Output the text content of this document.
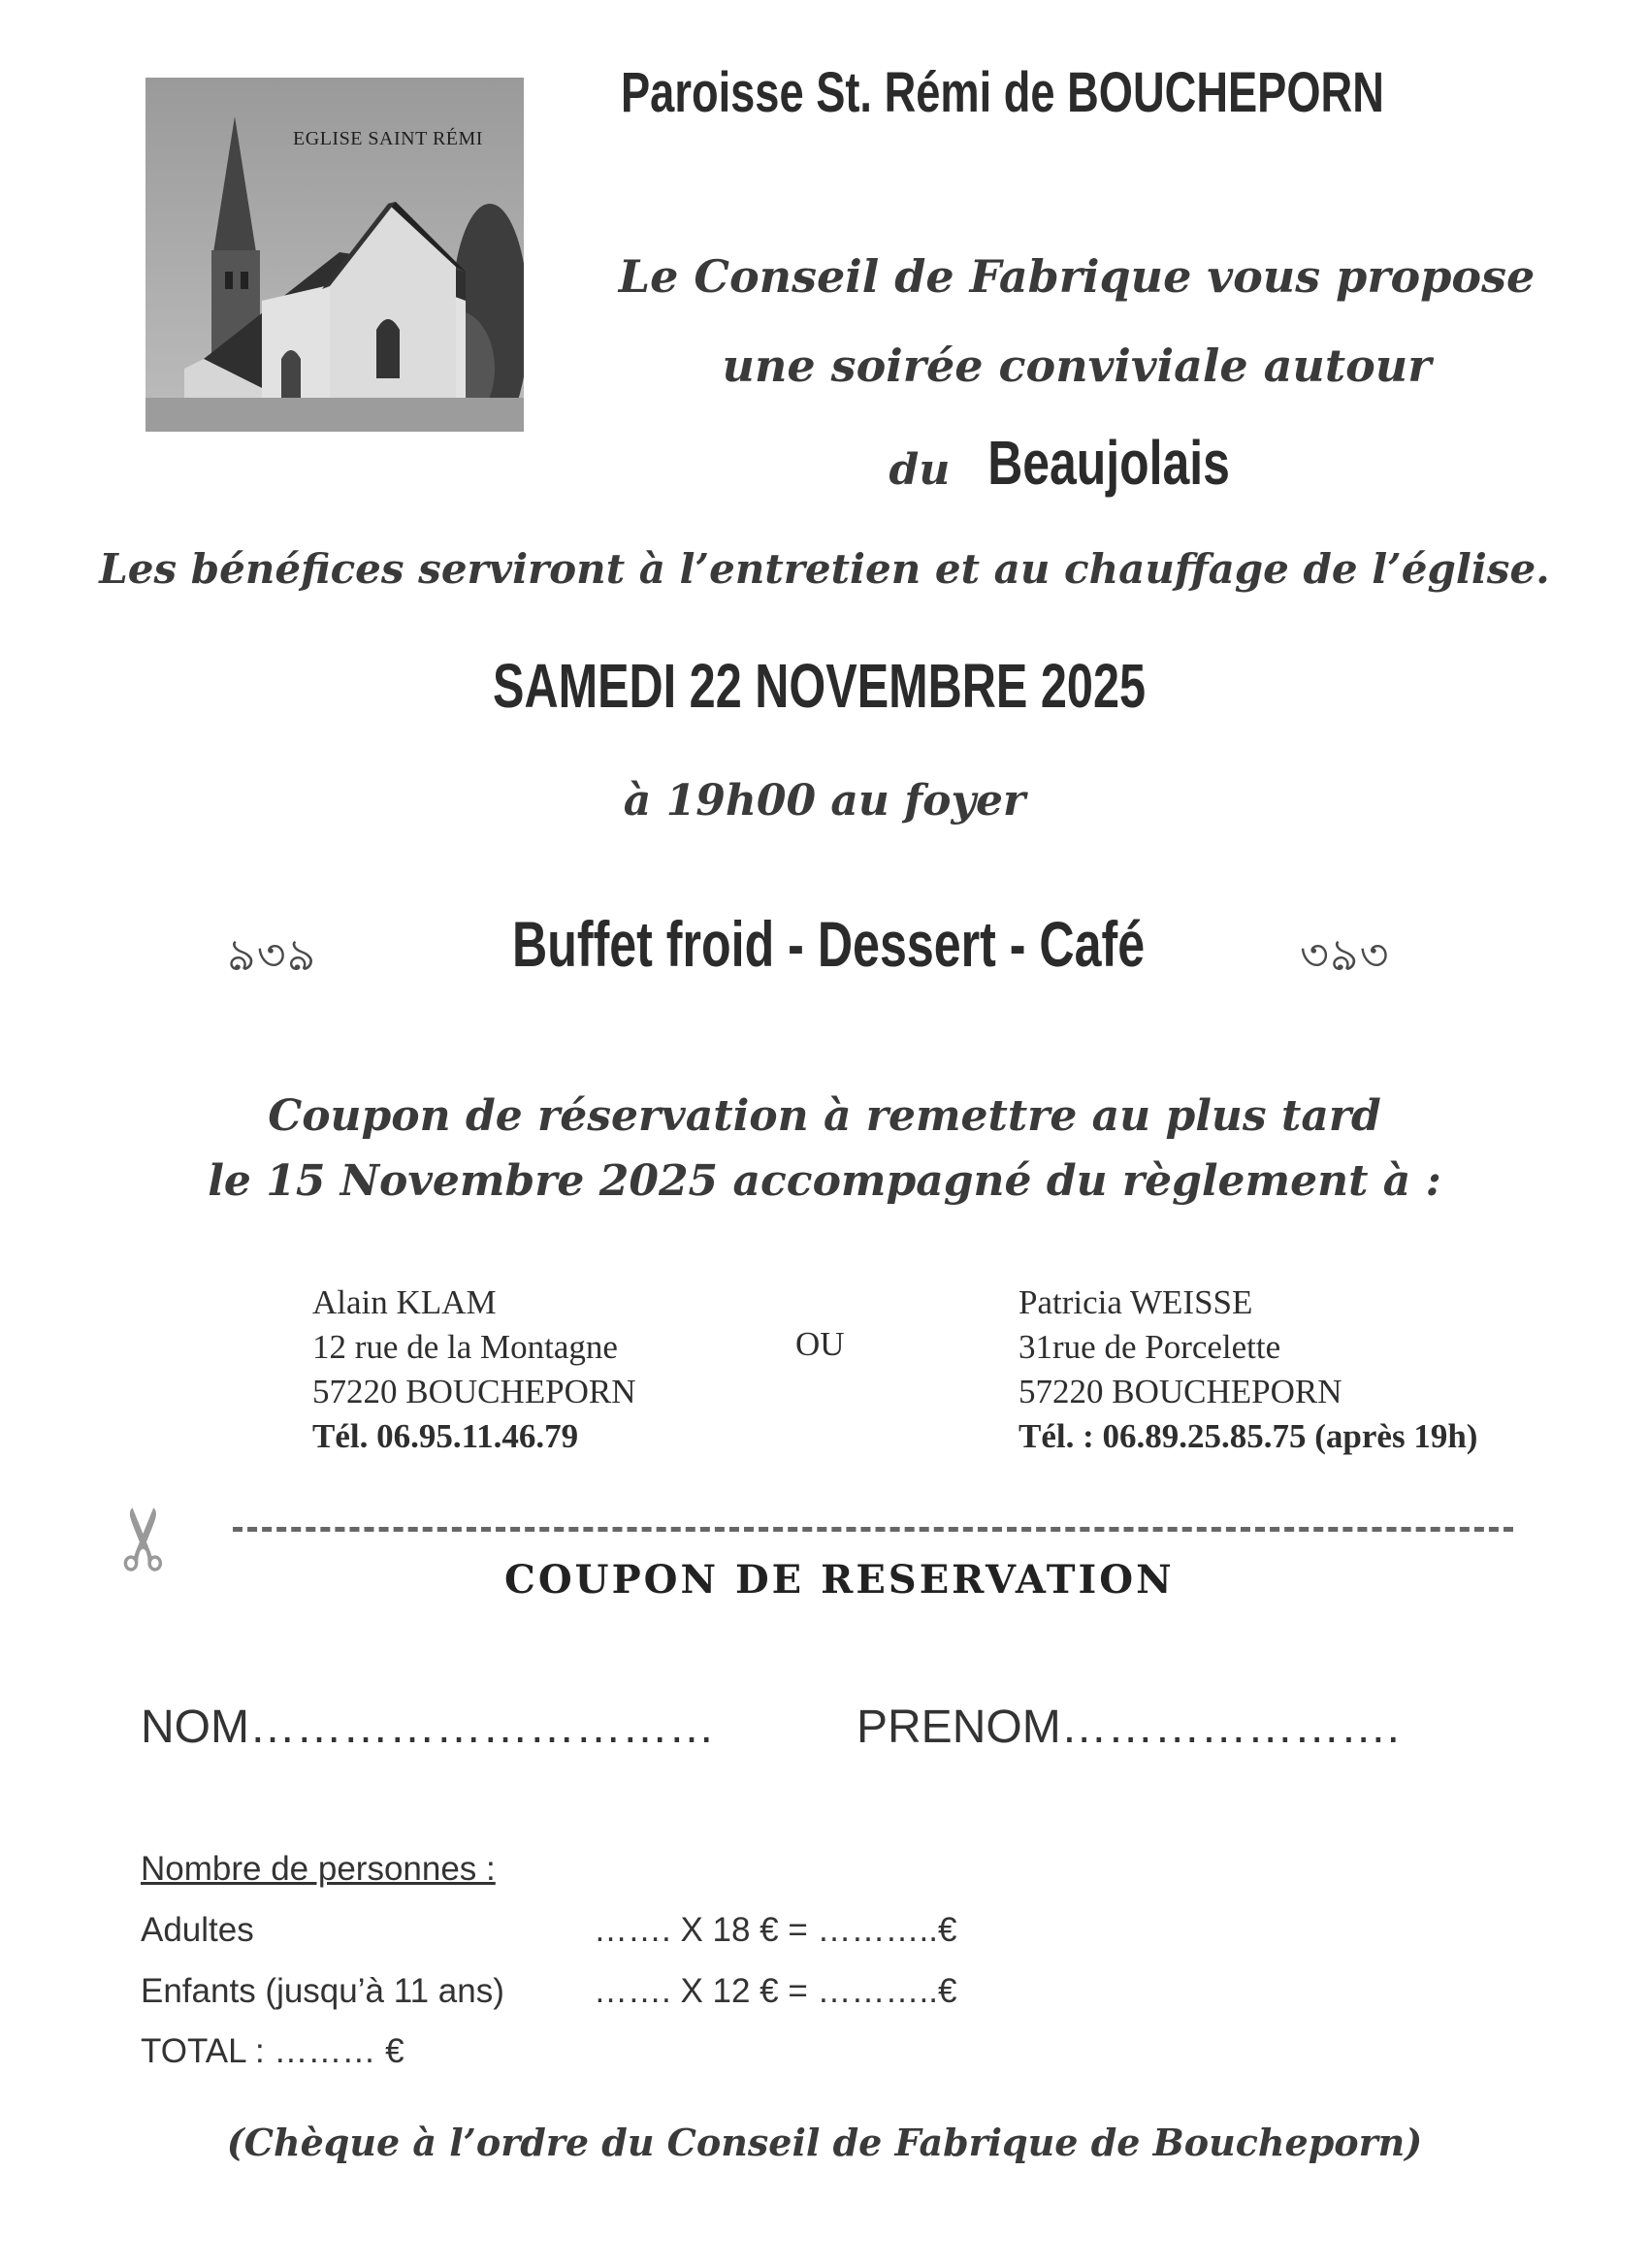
EGLISE SAINT RÉMI
Paroisse St. Rémi de BOUCHEPORN
Le Conseil de Fabrique vous propose
une soirée conviviale autour
du Beaujolais
Les bénéfices serviront à l’entretien et au chauffage de l’église.
SAMEDI 22 NOVEMBRE 2025
à 19h00 au foyer
ঌ৩ঌ	Buffet froid - Dessert - Café	৩ঌ৩
Coupon de réservation à remettre au plus tard
le 15 Novembre 2025 accompagné du règlement à :
Alain KLAM
12 rue de la Montagne
57220 BOUCHEPORN
Tél. 06.95.11.46.79
OU
Patricia WEISSE
31rue de Porcelette
57220 BOUCHEPORN
Tél. : 06.89.25.85.75 (après 19h)
✂
COUPON DE RESERVATION
NOM…………………………	PRENOM………………….
Nombre de personnes :
Adultes	……. X 18 € = ………..€
Enfants (jusqu’à 11 ans)	……. X 12 € = ………..€
TOTAL : ……… €
(Chèque à l’ordre du Conseil de Fabrique de Boucheporn)
